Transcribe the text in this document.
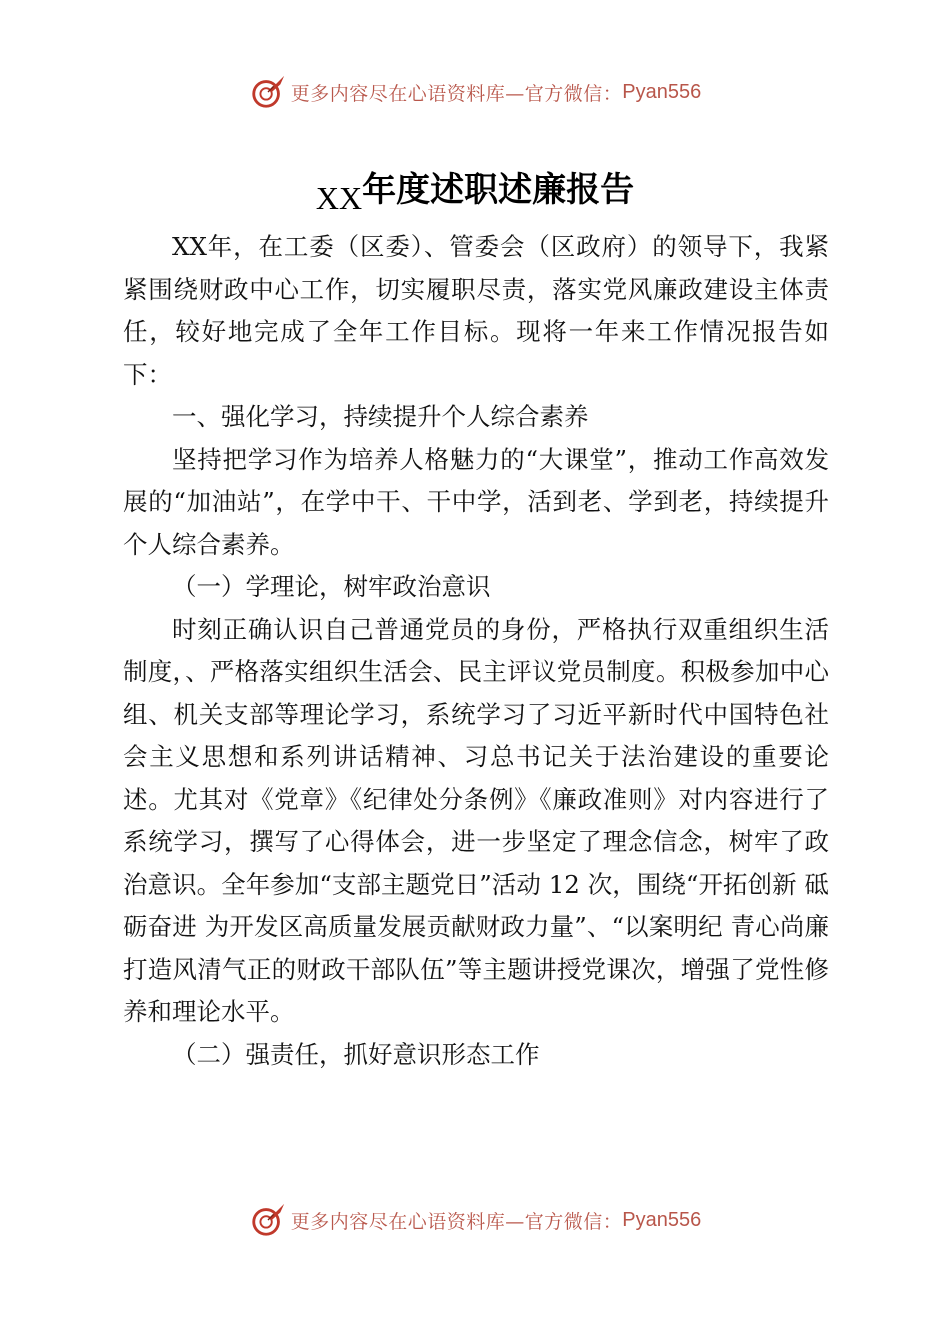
更多内容尽在心语资料库—官方微信： Pyan556
XX年度述职述廉报告

XX年，在工委（区委）、管委会（区政府）的领导下，我紧紧围绕财政中心工作，切实履职尽责，落实党风廉政建设主体责任，较好地完成了全年工作目标。现将一年来工作情况报告如下：

一、强化学习，持续提升个人综合素养

坚持把学习作为培养人格魅力的“大课堂”，推动工作高效发展的“加油站”，在学中干、干中学，活到老、学到老，持续提升个人综合素养。

（一）学理论，树牢政治意识

时刻正确认识自己普通党员的身份，严格执行双重组织生活制度，、严格落实组织生活会、民主评议党员制度。积极参加中心组、机关支部等理论学习，系统学习了习近平新时代中国特色社会主义思想和系列讲话精神、习总书记关于法治建设的重要论述。尤其对《党章》《纪律处分条例》《廉政准则》对内容进行了系统学习，撰写了心得体会，进一步坚定了理念信念，树牢了政治意识。全年参加“支部主题党日”活动 12 次，围绕“开拓创新 砥砺奋进 为开发区高质量发展贡献财政力量”、“以案明纪 青心尚廉 打造风清气正的财政干部队伍”等主题讲授党课次，增强了党性修养和理论水平。

（二）强责任，抓好意识形态工作

更多内容尽在心语资料库—官方微信： Pyan556
